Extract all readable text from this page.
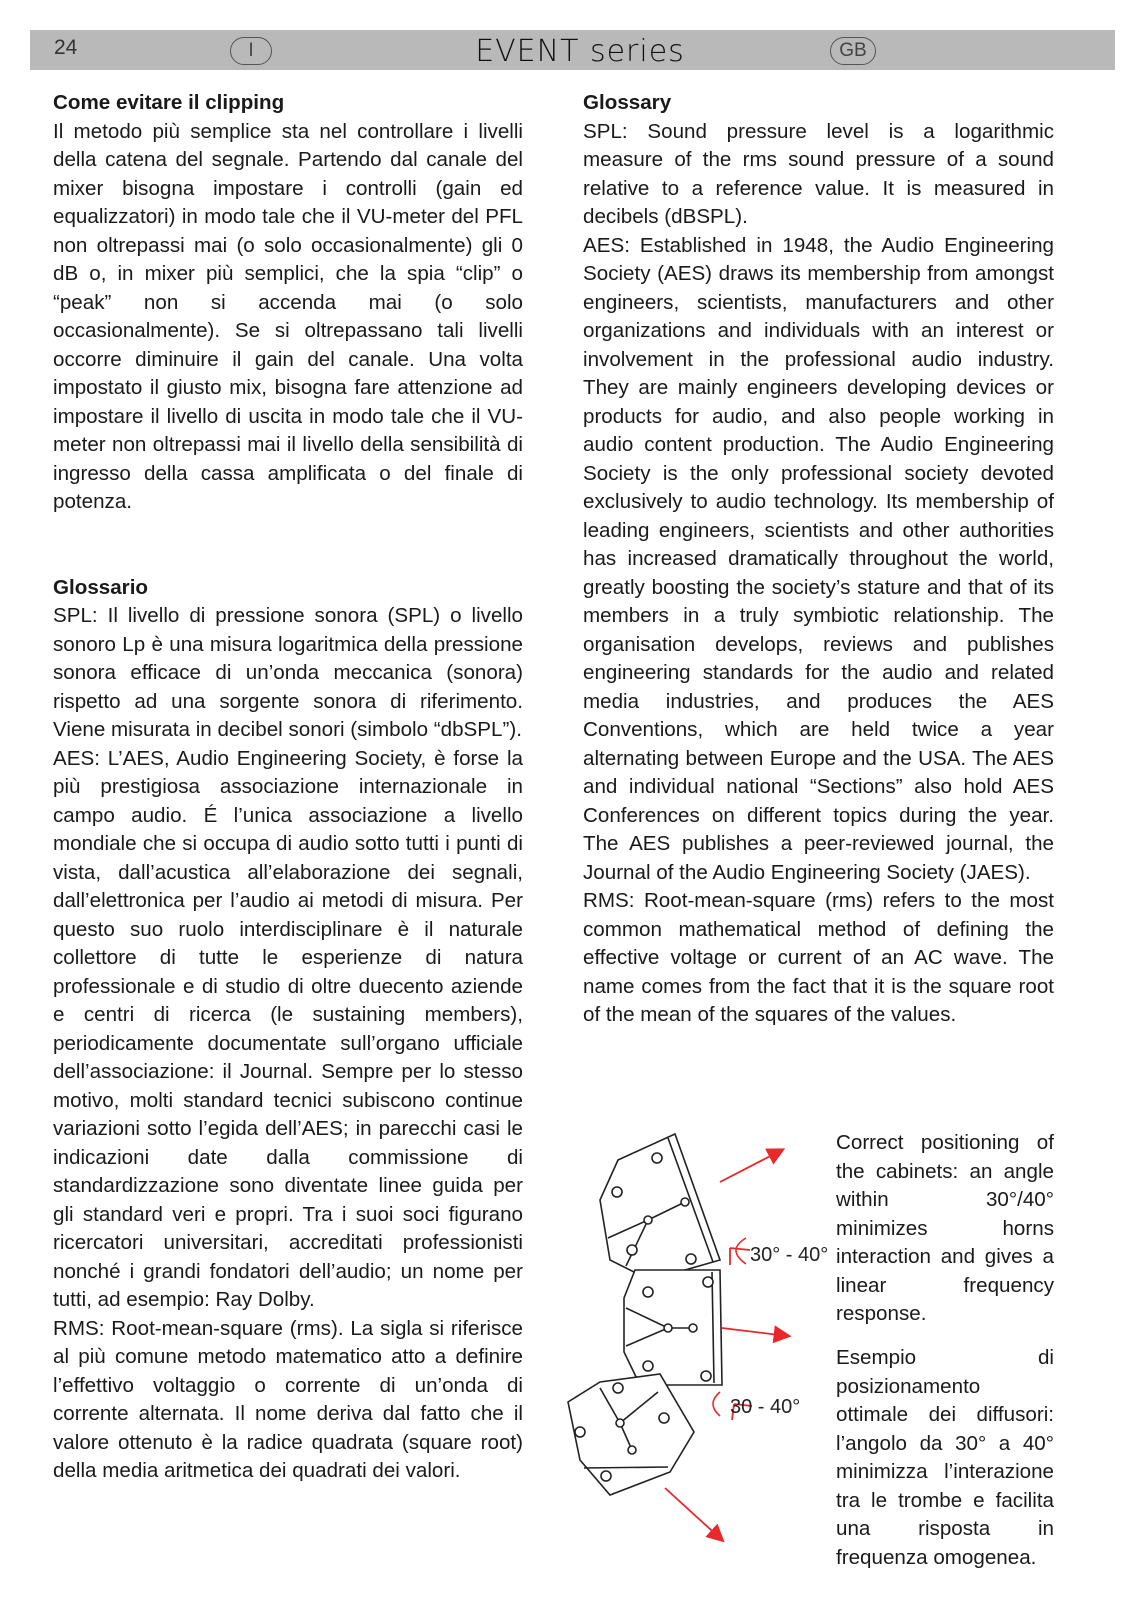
24	I	EVENT series	GB

Come evitare il clipping

Il metodo più semplice sta nel controllare i livelli della catena del segnale. Partendo dal canale del mixer bisogna impostare i controlli (gain ed equalizzatori) in modo tale che il VU-meter del PFL non oltrepassi mai (o solo occasionalmente) gli 0 dB o, in mixer più semplici, che la spia “clip” o “peak” non si accenda mai (o solo occasionalmente). Se si oltrepassano tali livelli occorre diminuire il gain del canale. Una volta impostato il giusto mix, bisogna fare attenzione ad impostare il livello di uscita in modo tale che il VU-meter non oltrepassi mai il livello della sensibilità di ingresso della cassa amplificata o del finale di potenza.

Glossario

SPL: Il livello di pressione sonora (SPL) o livello sonoro Lp è una misura logaritmica della pressione sonora efficace di un’onda meccanica (sonora) rispetto ad una sorgente sonora di riferimento. Viene misurata in decibel sonori (simbolo “dbSPL”).

AES: L’AES, Audio Engineering Society, è forse la più prestigiosa associazione internazionale in campo audio. É l’unica associazione a livello mondiale che si occupa di audio sotto tutti i punti di vista, dall’acustica all’elaborazione dei segnali, dall’elettronica per l’audio ai metodi di misura. Per questo suo ruolo interdisciplinare è il naturale collettore di tutte le esperienze di natura professionale e di studio di oltre duecento aziende e centri di ricerca (le sustaining members), periodicamente documentate sull’organo ufficiale dell’associazione: il Journal. Sempre per lo stesso motivo, molti standard tecnici subiscono continue variazioni sotto l’egida dell’AES; in parecchi casi le indicazioni date dalla commissione di standardizzazione sono diventate linee guida per gli standard veri e propri. Tra i suoi soci figurano ricercatori universitari, accreditati professionisti nonché i grandi fondatori dell’audio; un nome per tutti, ad esempio: Ray Dolby.

RMS: Root-mean-square (rms). La sigla si riferisce al più comune metodo matematico atto a definire l’effettivo voltaggio o corrente di un’onda di corrente alternata. Il nome deriva dal fatto che il valore ottenuto è la radice quadrata (square root) della media aritmetica dei quadrati dei valori.

Glossary

SPL: Sound pressure level is a logarithmic measure of the rms sound pressure of a sound relative to a reference value. It is measured in decibels (dBSPL).

AES: Established in 1948, the Audio Engineering Society (AES) draws its membership from amongst engineers, scientists, manufacturers and other organizations and individuals with an interest or involvement in the professional audio industry. They are mainly engineers developing devices or products for audio, and also people working in audio content production. The Audio Engineering Society is the only professional society devoted exclusively to audio technology. Its membership of leading engineers, scientists and other authorities has increased dramatically throughout the world, greatly boosting the society’s stature and that of its members in a truly symbiotic relationship. The organisation develops, reviews and publishes engineering standards for the audio and related media industries, and produces the AES Conventions, which are held twice a year alternating between Europe and the USA. The AES and individual national “Sections” also hold AES Conferences on different topics during the year. The AES publishes a peer-reviewed journal, the Journal of the Audio Engineering Society (JAES).

RMS: Root-mean-square (rms) refers to the most common mathematical method of defining the effective voltage or current of an AC wave. The name comes from the fact that it is the square root of the mean of the squares of the values.

30° - 40°
30 - 40°
Correct positioning of the cabinets: an angle within 30°/40° minimizes horns interaction and gives a linear frequency response.
Esempio di posizionamento ottimale dei diffusori: l’angolo da 30° a 40° minimizza l’interazione tra le trombe e facilita una risposta in frequenza omogenea.
